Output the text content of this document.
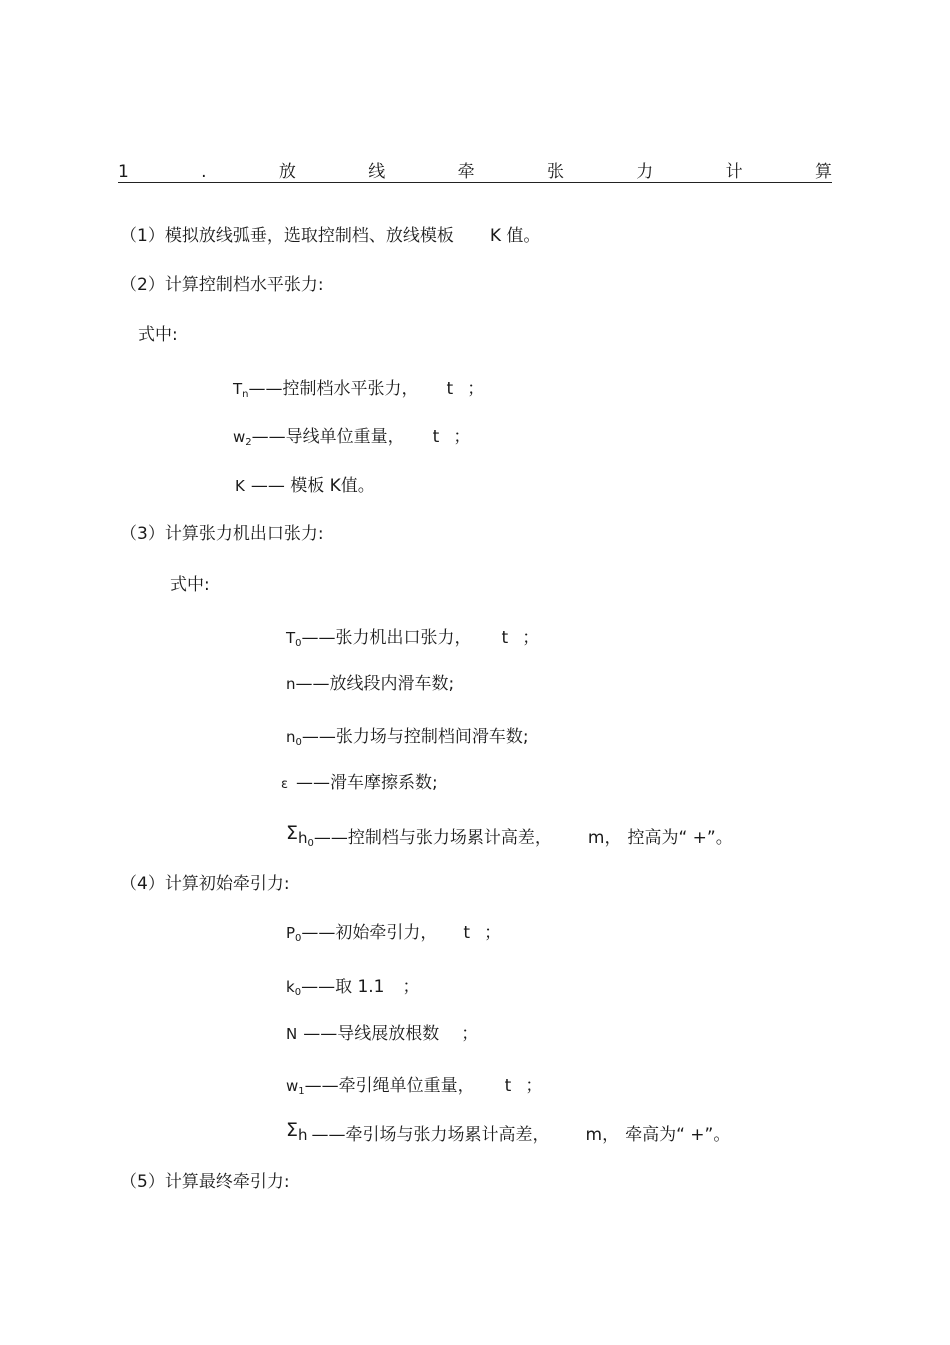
1	.	放	线	牵	张	力	计	算
（1）模拟放线弧垂，选取控制档、放线模板 K 值。
（2）计算控制档水平张力:
式中:
Tn——控制档水平张力， t ；
w2——导线单位重量， t ；
K —— 模板 K值。
（3）计算张力机出口张力:
式中:
T0——张力机出口张力， t ；
n——放线段内滑车数;
n0——张力场与控制档间滑车数;
ε ——滑车摩擦系数;
Σh0——控制档与张力场累计高差， m， 控高为“ +”。
（4）计算初始牵引力:
P0——初始牵引力， t ；
k0——取 1.1 ；
N ——导线展放根数 ；
w1——牵引绳单位重量， t ；
Σh ——牵引场与张力场累计高差， m， 牵高为“ +”。
（5）计算最终牵引力:
